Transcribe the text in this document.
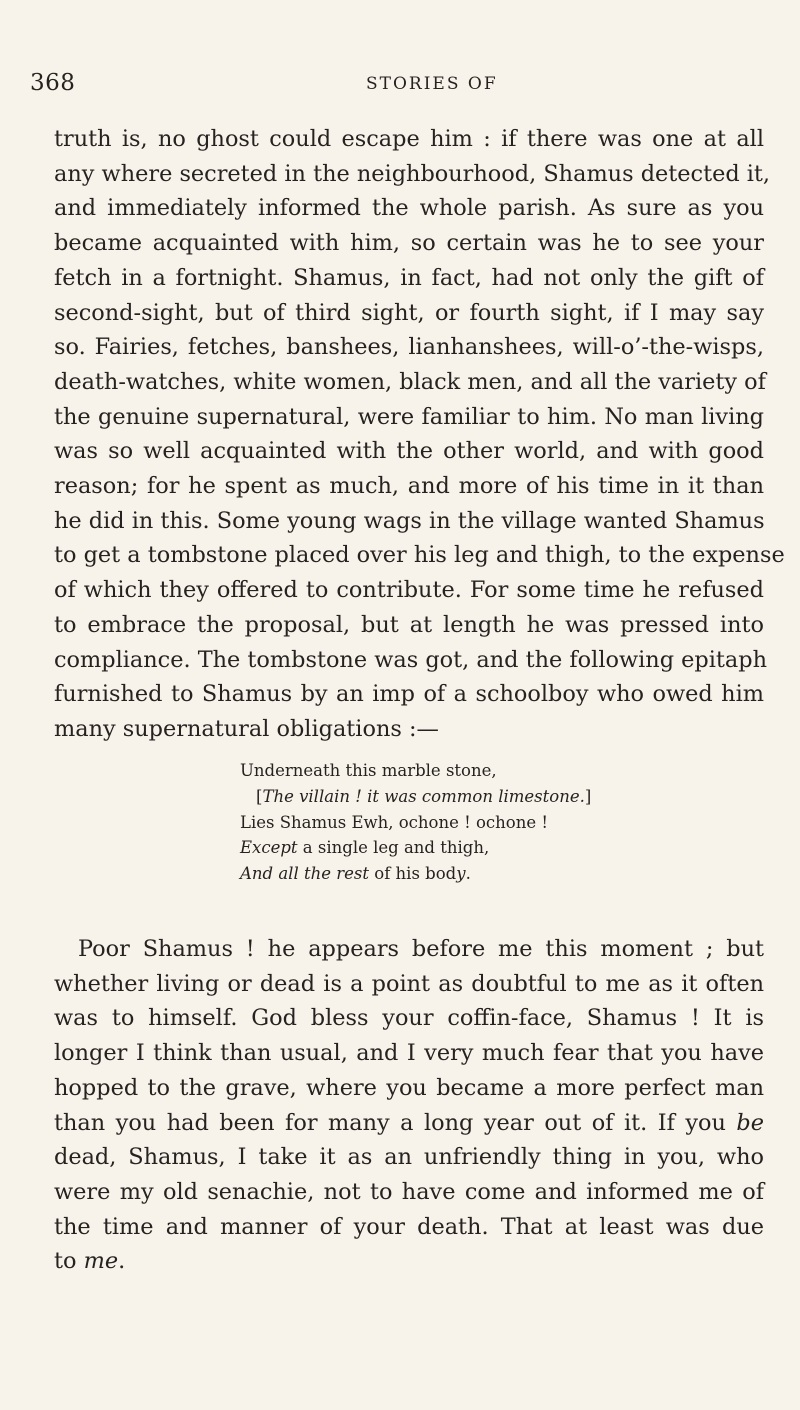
368	STORIES OF
truth is, no ghost could escape him : if there was one at all
any where secreted in the neighbourhood, Shamus detected it,
and immediately informed the whole parish. As sure as you
became acquainted with him, so certain was he to see your
fetch in a fortnight. Shamus, in fact, had not only the gift of
second-sight, but of third sight, or fourth sight, if I may say
so. Fairies, fetches, banshees, lianhanshees, will-o’-the-wisps,
death-watches, white women, black men, and all the variety of
the genuine supernatural, were familiar to him. No man living
was so well acquainted with the other world, and with good
reason; for he spent as much, and more of his time in it than
he did in this. Some young wags in the village wanted Shamus
to get a tombstone placed over his leg and thigh, to the expense
of which they offered to contribute. For some time he refused
to embrace the proposal, but at length he was pressed into
compliance. The tombstone was got, and the following epitaph
furnished to Shamus by an imp of a schoolboy who owed him
many supernatural obligations :—
Underneath this marble stone,
[The villain ! it was common limestone.]
Lies Shamus Ewh, ochone ! ochone !
Except a single leg and thigh,
And all the rest of his body.
Poor Shamus ! he appears before me this moment ; but
whether living or dead is a point as doubtful to me as it often
was to himself. God bless your coffin-face, Shamus ! It is
longer I think than usual, and I very much fear that you have
hopped to the grave, where you became a more perfect man
than you had been for many a long year out of it. If you be
dead, Shamus, I take it as an unfriendly thing in you, who
were my old senachie, not to have come and informed me of
the time and manner of your death. That at least was due
to me.
